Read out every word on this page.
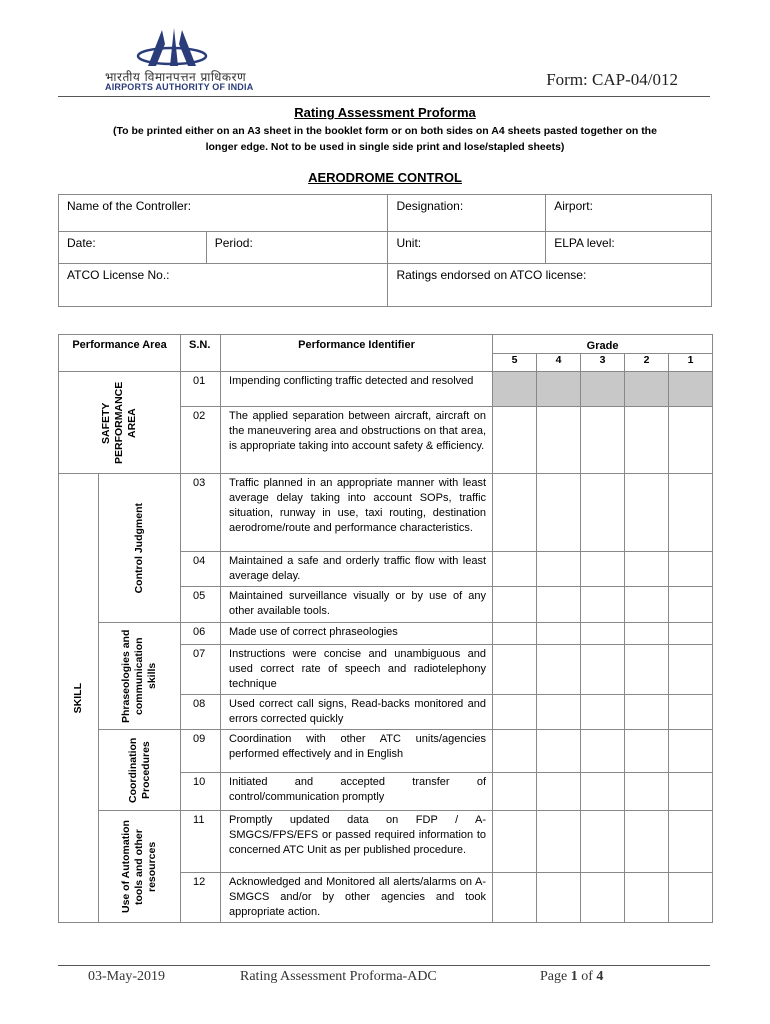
भारतीय विमानपत्तन प्राधिकरण
AIRPORTS AUTHORITY OF INDIA	Form: CAP-04/012
Rating Assessment Proforma
(To be printed either on an A3 sheet in the booklet form or on both sides on A4 sheets pasted together on the longer edge. Not to be used in single side print and lose/stapled sheets)
AERODROME CONTROL
Name of the Controller:		Designation:	Airport:
Date:	Period:	Unit:	ELPA level:
ATCO License No.:		Ratings endorsed on ATCO license:	
Performance Area		S.N.	Performance Identifier	Grade				
				5	4	3	2	1

SAFETY PERFORMANCE AREA		01	Impending conflicting traffic detected and resolved					
		02	The applied separation between aircraft, aircraft on the maneuvering area and obstructions on that area, is appropriate taking into account safety & efficiency.					

SKILL	Control Judgment	03	Traffic planned in an appropriate manner with least average delay taking into account SOPs, traffic situation, runway in use, taxi routing, destination aerodrome/route and performance characteristics.					
		04	Maintained a safe and orderly traffic flow with least average delay.					
		05	Maintained surveillance visually or by use of any other available tools.					

	Phraseologies and communication skills	06	Made use of correct phraseologies					
		07	Instructions were concise and unambiguous and used correct rate of speech and radiotelephony technique					
		08	Used correct call signs, Read-backs monitored and errors corrected quickly					

	Coordination Procedures	09	Coordination with other ATC units/agencies performed effectively and in English					
		10	Initiated and accepted transfer of control/communication promptly					

	Use of Automation tools and other resources	11	Promptly updated data on FDP / A-SMGCS/FPS/EFS or passed required information to concerned ATC Unit as per published procedure.					
		12	Acknowledged and Monitored all alerts/alarms on A-SMGCS and/or by other agencies and took appropriate action.					
03-May-2019	Rating Assessment Proforma-ADC	Page 1 of 4
